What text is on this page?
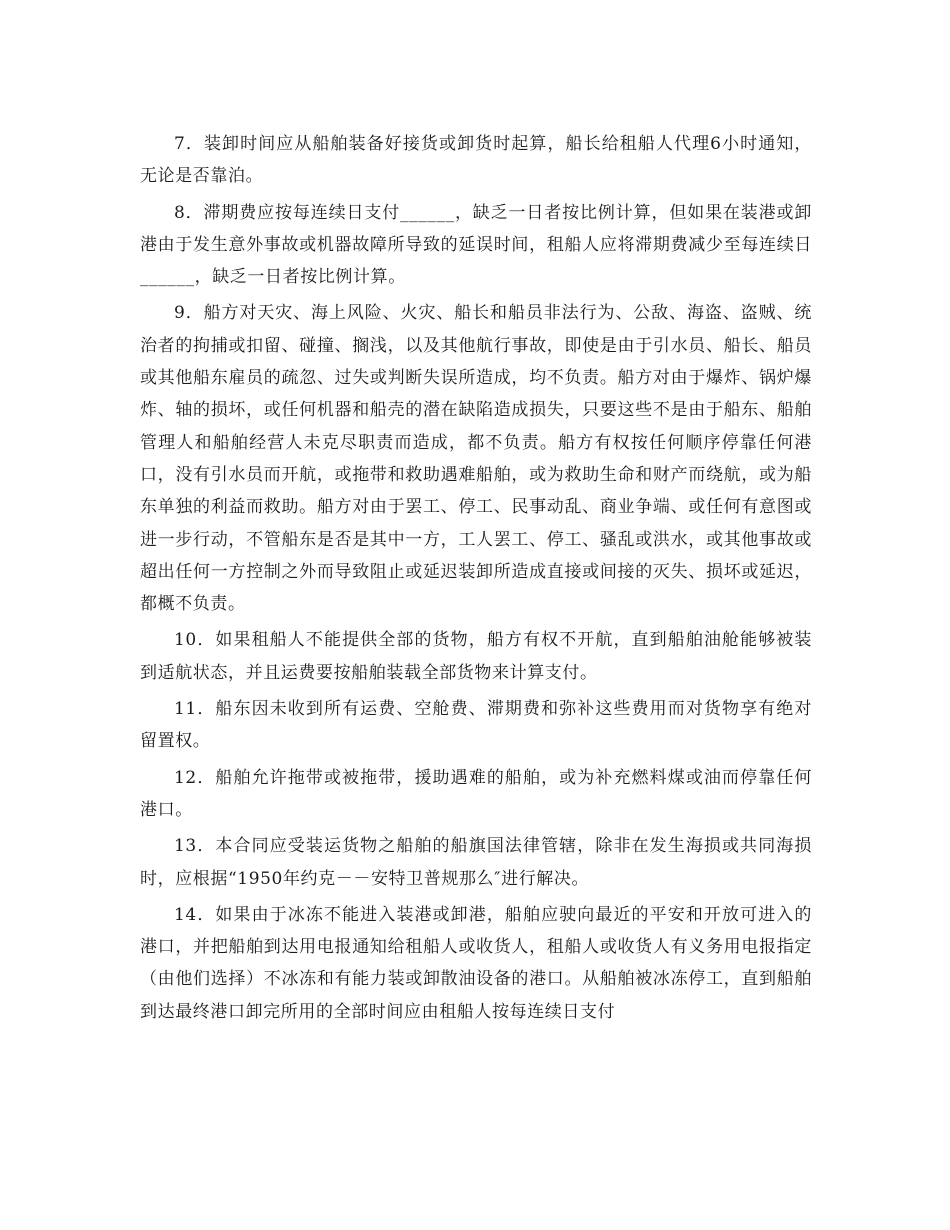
7．装卸时间应从船舶装备好接货或卸货时起算，船长给租船人代理6小时通知，无论是否靠泊。

8．滞期费应按每连续日支付______，缺乏一日者按比例计算，但如果在装港或卸港由于发生意外事故或机器故障所导致的延误时间，租船人应将滞期费减少至每连续日______，缺乏一日者按比例计算。

9．船方对天灾、海上风险、火灾、船长和船员非法行为、公敌、海盗、盗贼、统治者的拘捕或扣留、碰撞、搁浅，以及其他航行事故，即使是由于引水员、船长、船员或其他船东雇员的疏忽、过失或判断失误所造成，均不负责。船方对由于爆炸、锅炉爆炸、轴的损坏，或任何机器和船壳的潜在缺陷造成损失，只要这些不是由于船东、船舶管理人和船舶经营人未克尽职责而造成，都不负责。船方有权按任何顺序停靠任何港口，没有引水员而开航，或拖带和救助遇难船舶，或为救助生命和财产而绕航，或为船东单独的利益而救助。船方对由于罢工、停工、民事动乱、商业争端、或任何有意图或进一步行动，不管船东是否是其中一方，工人罢工、停工、骚乱或洪水，或其他事故或超出任何一方控制之外而导致阻止或延迟装卸所造成直接或间接的灭失、损坏或延迟，都概不负责。

10．如果租船人不能提供全部的货物，船方有权不开航，直到船舶油舱能够被装到适航状态，并且运费要按船舶装载全部货物来计算支付。

11．船东因未收到所有运费、空舱费、滞期费和弥补这些费用而对货物享有绝对留置权。

12．船舶允许拖带或被拖带，援助遇难的船舶，或为补充燃料煤或油而停靠任何港口。

13．本合同应受装运货物之船舶的船旗国法律管辖，除非在发生海损或共同海损时，应根据“1950年约克－－安特卫普规那么″进行解决。

14．如果由于冰冻不能进入装港或卸港，船舶应驶向最近的平安和开放可进入的港口，并把船舶到达用电报通知给租船人或收货人，租船人或收货人有义务用电报指定（由他们选择）不冰冻和有能力装或卸散油设备的港口。从船舶被冰冻停工，直到船舶到达最终港口卸完所用的全部时间应由租船人按每连续日支付
